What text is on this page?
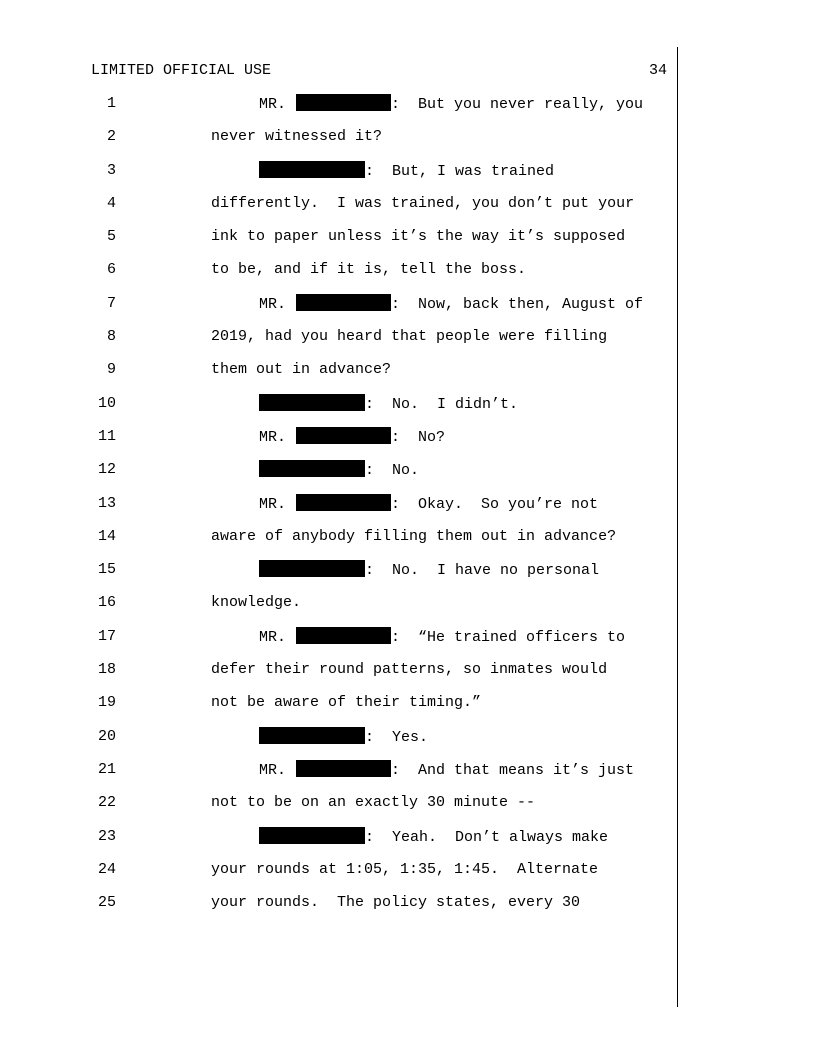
LIMITED OFFICIAL USE	34
1	MR.	:  But you never really, you
2	never witnessed it?
3	:  But, I was trained
4	differently.  I was trained, you don’t put your
5	ink to paper unless it’s the way it’s supposed
6	to be, and if it is, tell the boss.
7	MR.	:  Now, back then, August of
8	2019, had you heard that people were filling
9	them out in advance?
10	:  No.  I didn’t.
11	MR.	:  No?
12	:  No.
13	MR.	:  Okay.  So you’re not
14	aware of anybody filling them out in advance?
15	:  No.  I have no personal
16	knowledge.
17	MR.	:  “He trained officers to
18	defer their round patterns, so inmates would
19	not be aware of their timing.”
20	:  Yes.
21	MR.	:  And that means it’s just
22	not to be on an exactly 30 minute --
23	:  Yeah.  Don’t always make
24	your rounds at 1:05, 1:35, 1:45.  Alternate
25	your rounds.  The policy states, every 30
